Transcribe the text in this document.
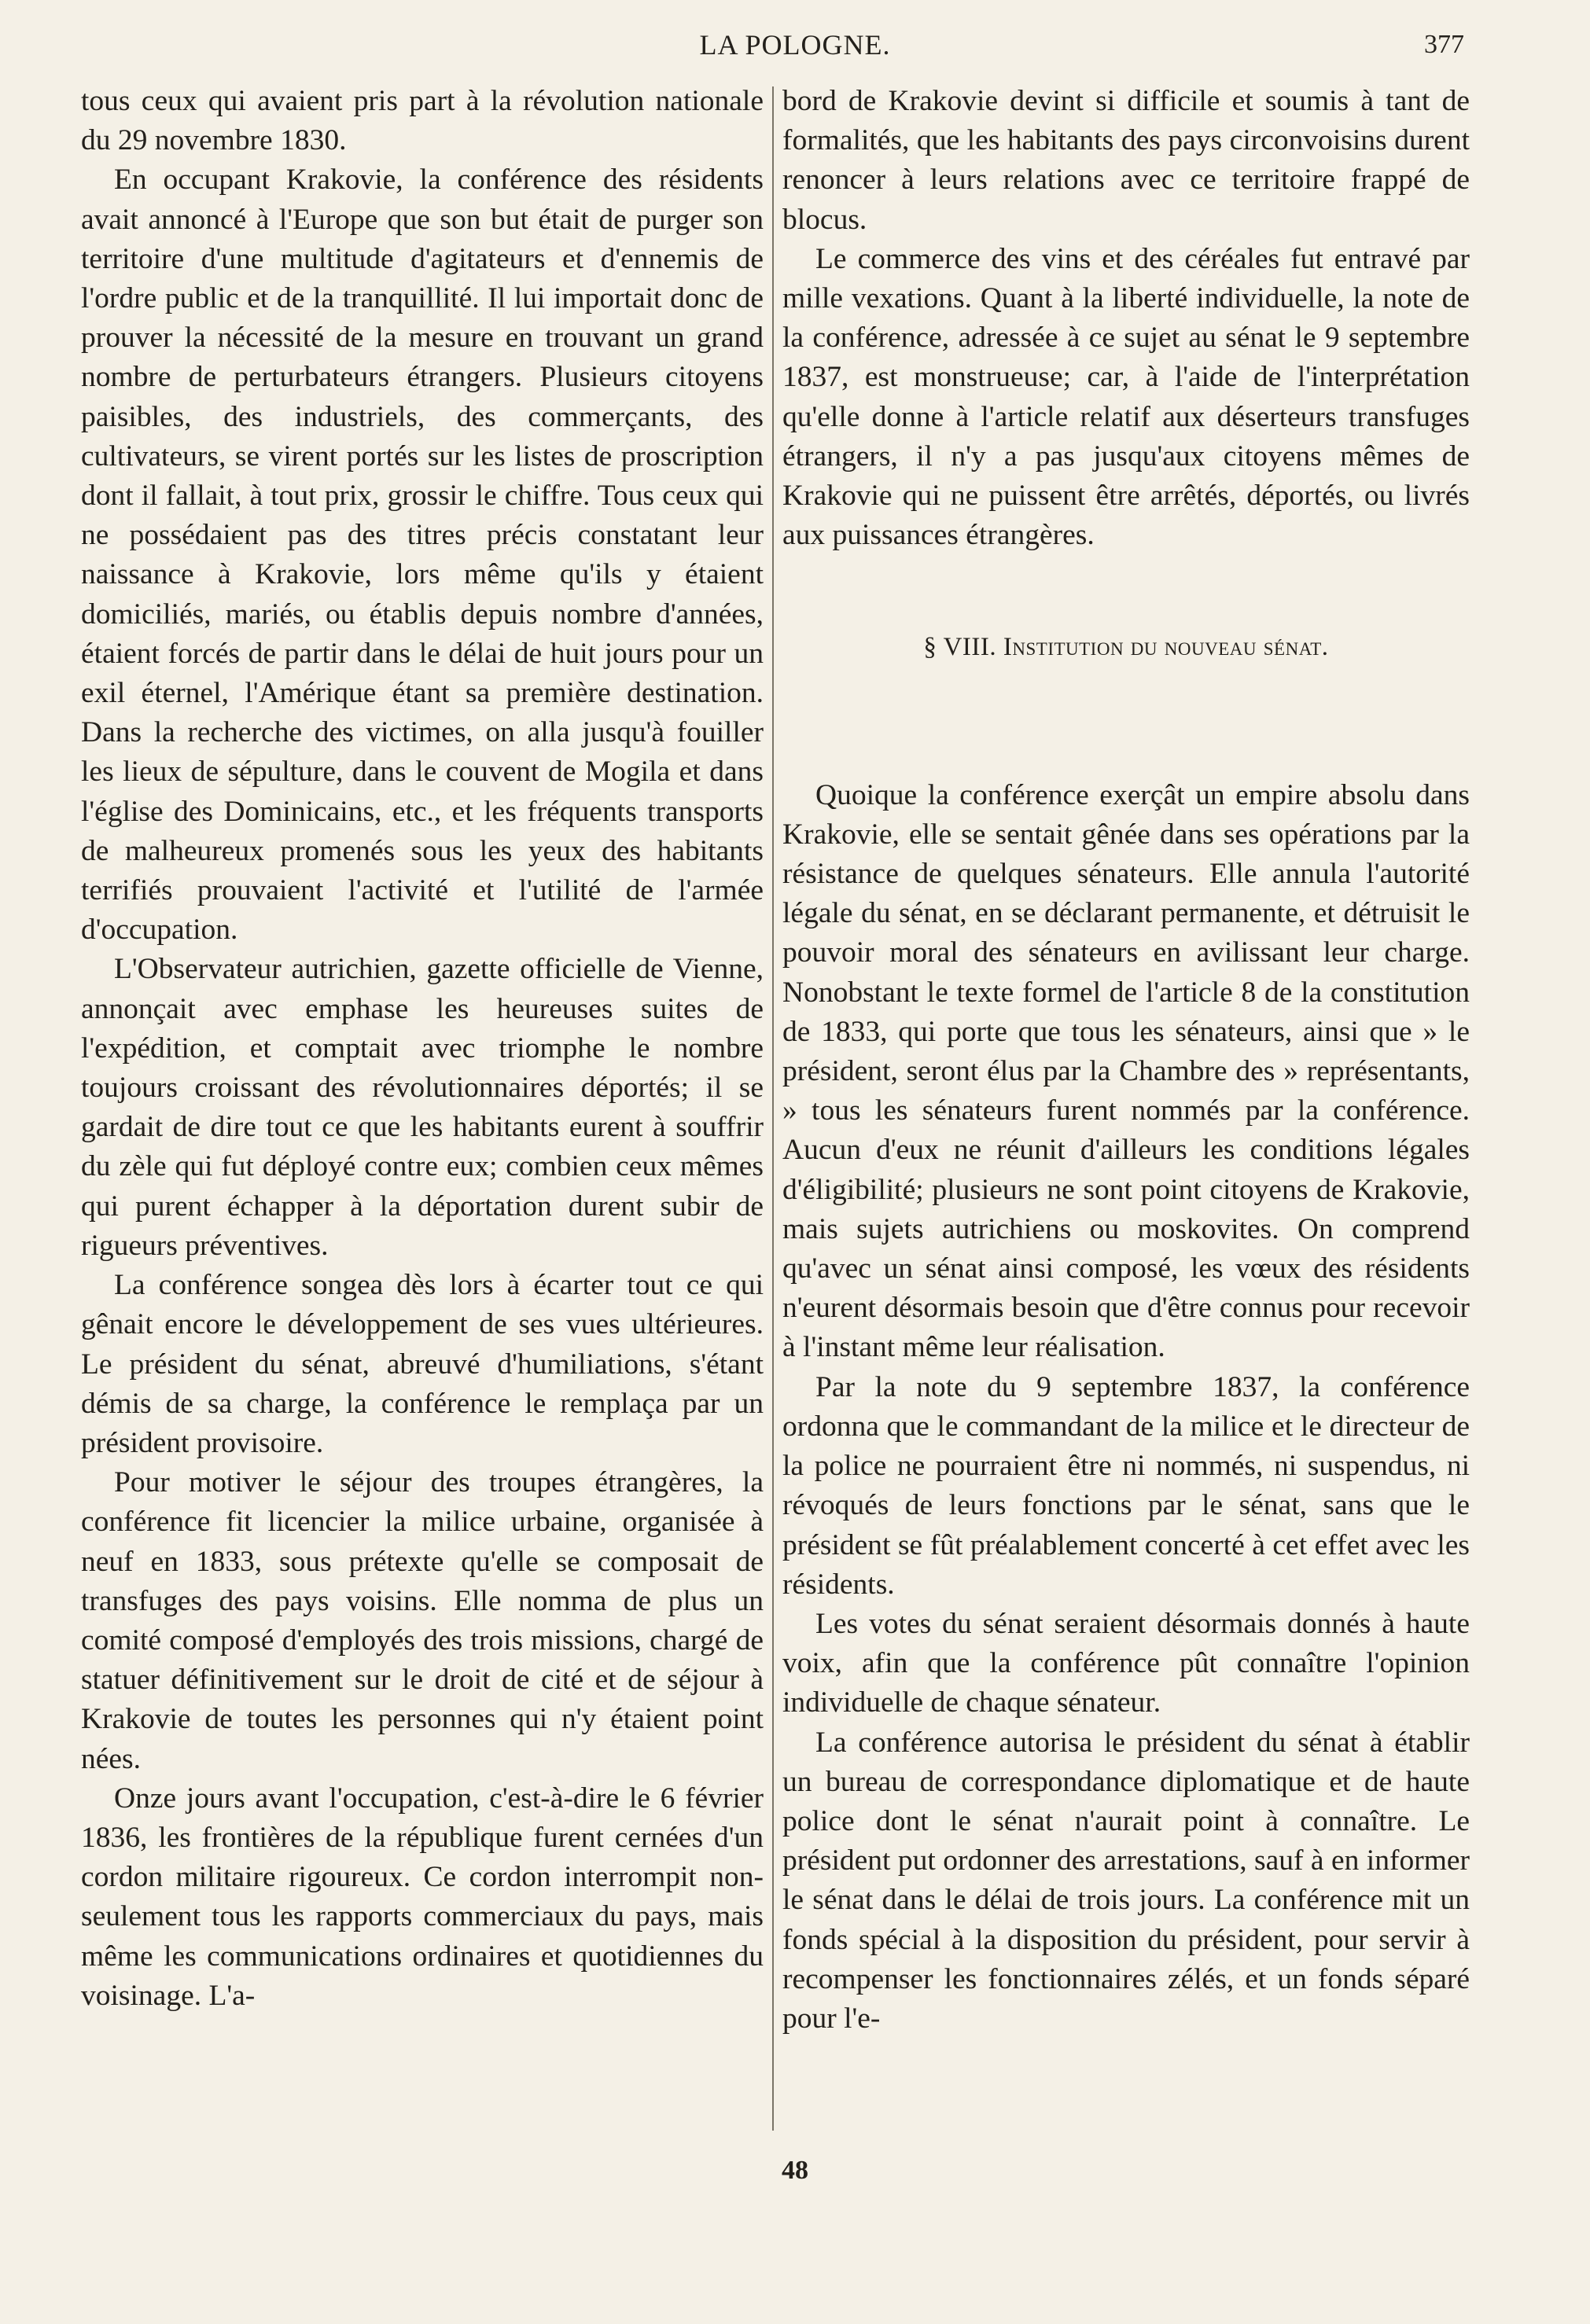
LA POLOGNE.	377

tous ceux qui avaient pris part à la révolution nationale du 29 novembre 1830.

En occupant Krakovie, la conférence des résidents avait annoncé à l'Europe que son but était de purger son territoire d'une multitude d'agitateurs et d'ennemis de l'ordre public et de la tranquillité. Il lui importait donc de prouver la nécessité de la mesure en trouvant un grand nombre de perturbateurs étrangers. Plusieurs citoyens paisibles, des industriels, des commerçants, des cultivateurs, se virent portés sur les listes de proscription dont il fallait, à tout prix, grossir le chiffre. Tous ceux qui ne possédaient pas des titres précis constatant leur naissance à Krakovie, lors même qu'ils y étaient domiciliés, mariés, ou établis depuis nombre d'années, étaient forcés de partir dans le délai de huit jours pour un exil éternel, l'Amérique étant sa première destination. Dans la recherche des victimes, on alla jusqu'à fouiller les lieux de sépulture, dans le couvent de Mogila et dans l'église des Dominicains, etc., et les fréquents transports de malheureux promenés sous les yeux des habitants terrifiés prouvaient l'activité et l'utilité de l'armée d'occupation.

L'Observateur autrichien, gazette officielle de Vienne, annonçait avec emphase les heureuses suites de l'expédition, et comptait avec triomphe le nombre toujours croissant des révolutionnaires déportés; il se gardait de dire tout ce que les habitants eurent à souffrir du zèle qui fut déployé contre eux; combien ceux mêmes qui purent échapper à la déportation durent subir de rigueurs préventives.

La conférence songea dès lors à écarter tout ce qui gênait encore le développement de ses vues ultérieures. Le président du sénat, abreuvé d'humiliations, s'étant démis de sa charge, la conférence le remplaça par un président provisoire.

Pour motiver le séjour des troupes étrangères, la conférence fit licencier la milice urbaine, organisée à neuf en 1833, sous prétexte qu'elle se composait de transfuges des pays voisins. Elle nomma de plus un comité composé d'employés des trois missions, chargé de statuer définitivement sur le droit de cité et de séjour à Krakovie de toutes les personnes qui n'y étaient point nées.

Onze jours avant l'occupation, c'est-à-dire le 6 février 1836, les frontières de la république furent cernées d'un cordon militaire rigoureux. Ce cordon interrompit non-seulement tous les rapports commerciaux du pays, mais même les communications ordinaires et quotidiennes du voisinage. L'a-

bord de Krakovie devint si difficile et soumis à tant de formalités, que les habitants des pays circonvoisins durent renoncer à leurs relations avec ce territoire frappé de blocus.

Le commerce des vins et des céréales fut entravé par mille vexations. Quant à la liberté individuelle, la note de la conférence, adressée à ce sujet au sénat le 9 septembre 1837, est monstrueuse; car, à l'aide de l'interprétation qu'elle donne à l'article relatif aux déserteurs transfuges étrangers, il n'y a pas jusqu'aux citoyens mêmes de Krakovie qui ne puissent être arrêtés, déportés, ou livrés aux puissances étrangères.

§ VIII. Institution du nouveau sénat.

Quoique la conférence exerçât un empire absolu dans Krakovie, elle se sentait gênée dans ses opérations par la résistance de quelques sénateurs. Elle annula l'autorité légale du sénat, en se déclarant permanente, et détruisit le pouvoir moral des sénateurs en avilissant leur charge. Nonobstant le texte formel de l'article 8 de la constitution de 1833, qui porte que tous les sénateurs, ainsi que » le président, seront élus par la Chambre des » représentants, » tous les sénateurs furent nommés par la conférence. Aucun d'eux ne réunit d'ailleurs les conditions légales d'éligibilité; plusieurs ne sont point citoyens de Krakovie, mais sujets autrichiens ou moskovites. On comprend qu'avec un sénat ainsi composé, les vœux des résidents n'eurent désormais besoin que d'être connus pour recevoir à l'instant même leur réalisation.

Par la note du 9 septembre 1837, la conférence ordonna que le commandant de la milice et le directeur de la police ne pourraient être ni nommés, ni suspendus, ni révoqués de leurs fonctions par le sénat, sans que le président se fût préalablement concerté à cet effet avec les résidents.

Les votes du sénat seraient désormais donnés à haute voix, afin que la conférence pût connaître l'opinion individuelle de chaque sénateur.

La conférence autorisa le président du sénat à établir un bureau de correspondance diplomatique et de haute police dont le sénat n'aurait point à connaître. Le président put ordonner des arrestations, sauf à en informer le sénat dans le délai de trois jours. La conférence mit un fonds spécial à la disposition du président, pour servir à recompenser les fonctionnaires zélés, et un fonds séparé pour l'e-

48
